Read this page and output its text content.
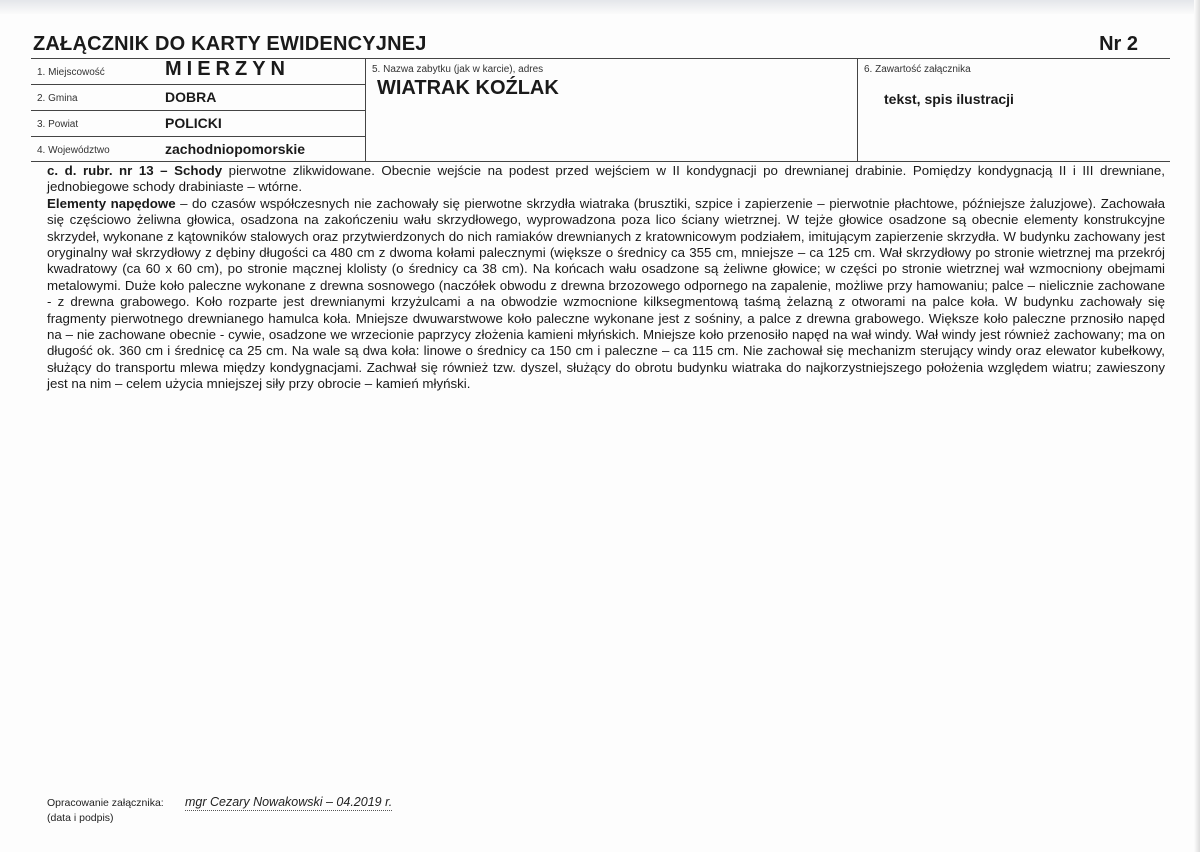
ZAŁĄCZNIK DO KARTY EWIDENCYJNEJ	Nr 2
1. Miejscowość	MIERZYN
2. Gmina	DOBRA
3. Powiat	POLICKI
4. Województwo	zachodniopomorskie
5. Nazwa zabytku (jak w karcie), adres
WIATRAK KOŹLAK
6. Zawartość załącznika
tekst, spis ilustracji

c. d. rubr. nr 13 – Schody pierwotne zlikwidowane. Obecnie wejście na podest przed wejściem w II kondygnacji po drewnianej drabinie. Pomiędzy kondygnacją II i III drewniane, jednobiegowe schody drabiniaste – wtórne.

Elementy napędowe – do czasów współczesnych nie zachowały się pierwotne skrzydła wiatraka (brusztiki, szpice i zapierzenie – pierwotnie płachtowe, późniejsze żaluzjowe). Zachowała się częściowo żeliwna głowica, osadzona na zakończeniu wału skrzydłowego, wyprowadzona poza lico ściany wietrznej. W tejże głowice osadzone są obecnie elementy konstrukcyjne skrzydeł, wykonane z kątowników stalowych oraz przytwierdzonych do nich ramiaków drewnianych z kratownicowym podziałem, imitującym zapierzenie skrzydła. W budynku zachowany jest oryginalny wał skrzydłowy z dębiny długości ca 480 cm z dwoma kołami palecznymi (większe o średnicy ca 355 cm, mniejsze – ca 125 cm. Wał skrzydłowy po stronie wietrznej ma przekrój kwadratowy (ca 60 x 60 cm), po stronie mącznej klolisty (o średnicy ca 38 cm). Na końcach wału osadzone są żeliwne głowice; w części po stronie wietrznej wał wzmocniony obejmami metalowymi. Duże koło paleczne wykonane z drewna sosnowego (naczółek obwodu z drewna brzozowego odpornego na zapalenie, możliwe przy hamowaniu; palce – nielicznie zachowane - z drewna grabowego. Koło rozparte jest drewnianymi krzyżulcami a na obwodzie wzmocnione kilksegmentową taśmą żelazną z otworami na palce koła. W budynku zachowały się fragmenty pierwotnego drewnianego hamulca koła. Mniejsze dwuwarstwowe koło paleczne wykonane jest z sośniny, a palce z drewna grabowego. Większe koło paleczne prznosiło napęd na – nie zachowane obecnie - cywie, osadzone we wrzecionie paprzycy złożenia kamieni młyńskich. Mniejsze koło przenosiło napęd na wał windy. Wał windy jest również zachowany; ma on długość ok. 360 cm i średnicę ca 25 cm. Na wale są dwa koła: linowe o średnicy ca 150 cm i paleczne – ca 115 cm. Nie zachował się mechanizm sterujący windy oraz elewator kubełkowy, służący do transportu mlewa między kondygnacjami. Zachwał się również tzw. dyszel, służący do obrotu budynku wiatraka do najkorzystniejszego położenia względem wiatru; zawieszony jest na nim – celem użycia mniejszej siły przy obrocie – kamień młyński.

Opracowanie załącznika: mgr Cezary Nowakowski – 04.2019 r.
(data i podpis)
